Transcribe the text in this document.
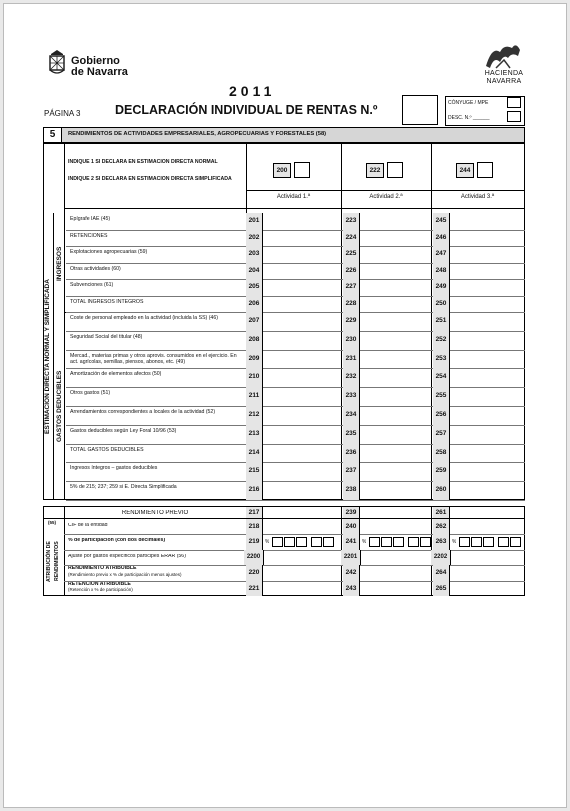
Gobierno
de Navarra	HACIENDA
NAVARRA
2011
PÁGINA 3	DECLARACIÓN INDIVIDUAL DE RENTAS N.º	CÓNYUGE / MPE
DESC. N.º ______
5	RENDIMIENTOS DE ACTIVIDADES EMPRESARIALES, AGROPECUARIAS Y FORESTALES (58)
ESTIMACIÓN DIRECTA NORMAL Y SIMPLIFICADA
INGRESOS
GASTOS DEDUCIBLES
INDIQUE 1 SI DECLARA EN ESTIMACIÓN DIRECTA NORMAL
INDIQUE 2 SI DECLARA EN ESTIMACIÓN DIRECTA SIMPLIFICADA
200	222	244
Actividad 1.ª	Actividad 2.ª	Actividad 3.ª
Epígrafe IAE (45)	201	223	245
RETENCIONES	202	224	246
Explotaciones agropecuarias (59)	203	225	247
Otras actividades (60)	204	226	248
Subvenciones (61)	205	227	249
TOTAL INGRESOS ÍNTEGROS	206	228	250
Coste de personal empleado en la actividad (incluida la SS) (46)	207	229	251
Seguridad Social del titular (48)	208	230	252
Mercad., materias primas y otros aprovis. consumidos en el ejercicio. En act. agrícolas, semillas, piensos, abonos, etc. (49)	209	231	253
Amortización de elementos afectos (50)	210	232	254
Otros gastos (51)	211	233	255
Arrendamientos correspondientes a locales de la actividad (52)	212	234	256
Gastos deducibles según Ley Foral 10/96 (53)	213	235	257
TOTAL GASTOS DEDUCIBLES	214	236	258
Ingresos íntegros – gastos deducibles	215	237	259
5% de 215; 237; 259 si E. Directa Simplificada	216	238	260
ATRIBUCIÓN DE RENDIMIENTOS
RENDIMIENTO PREVIO	217	239	261
(55) CIF de la entidad	218	240	262
% de participación (con dos decimales)	219	%	241	%	263	%
Ajuste por gastos específicos partícipes ERAR (56)	2200	2201	2202
RENDIMIENTO ATRIBUIBLE
(Rendimiento previo x % de participación menos ajustes)	220	242	264
RETENCIÓN ATRIBUIBLE
(Retención x % de participación)	221	243	265
